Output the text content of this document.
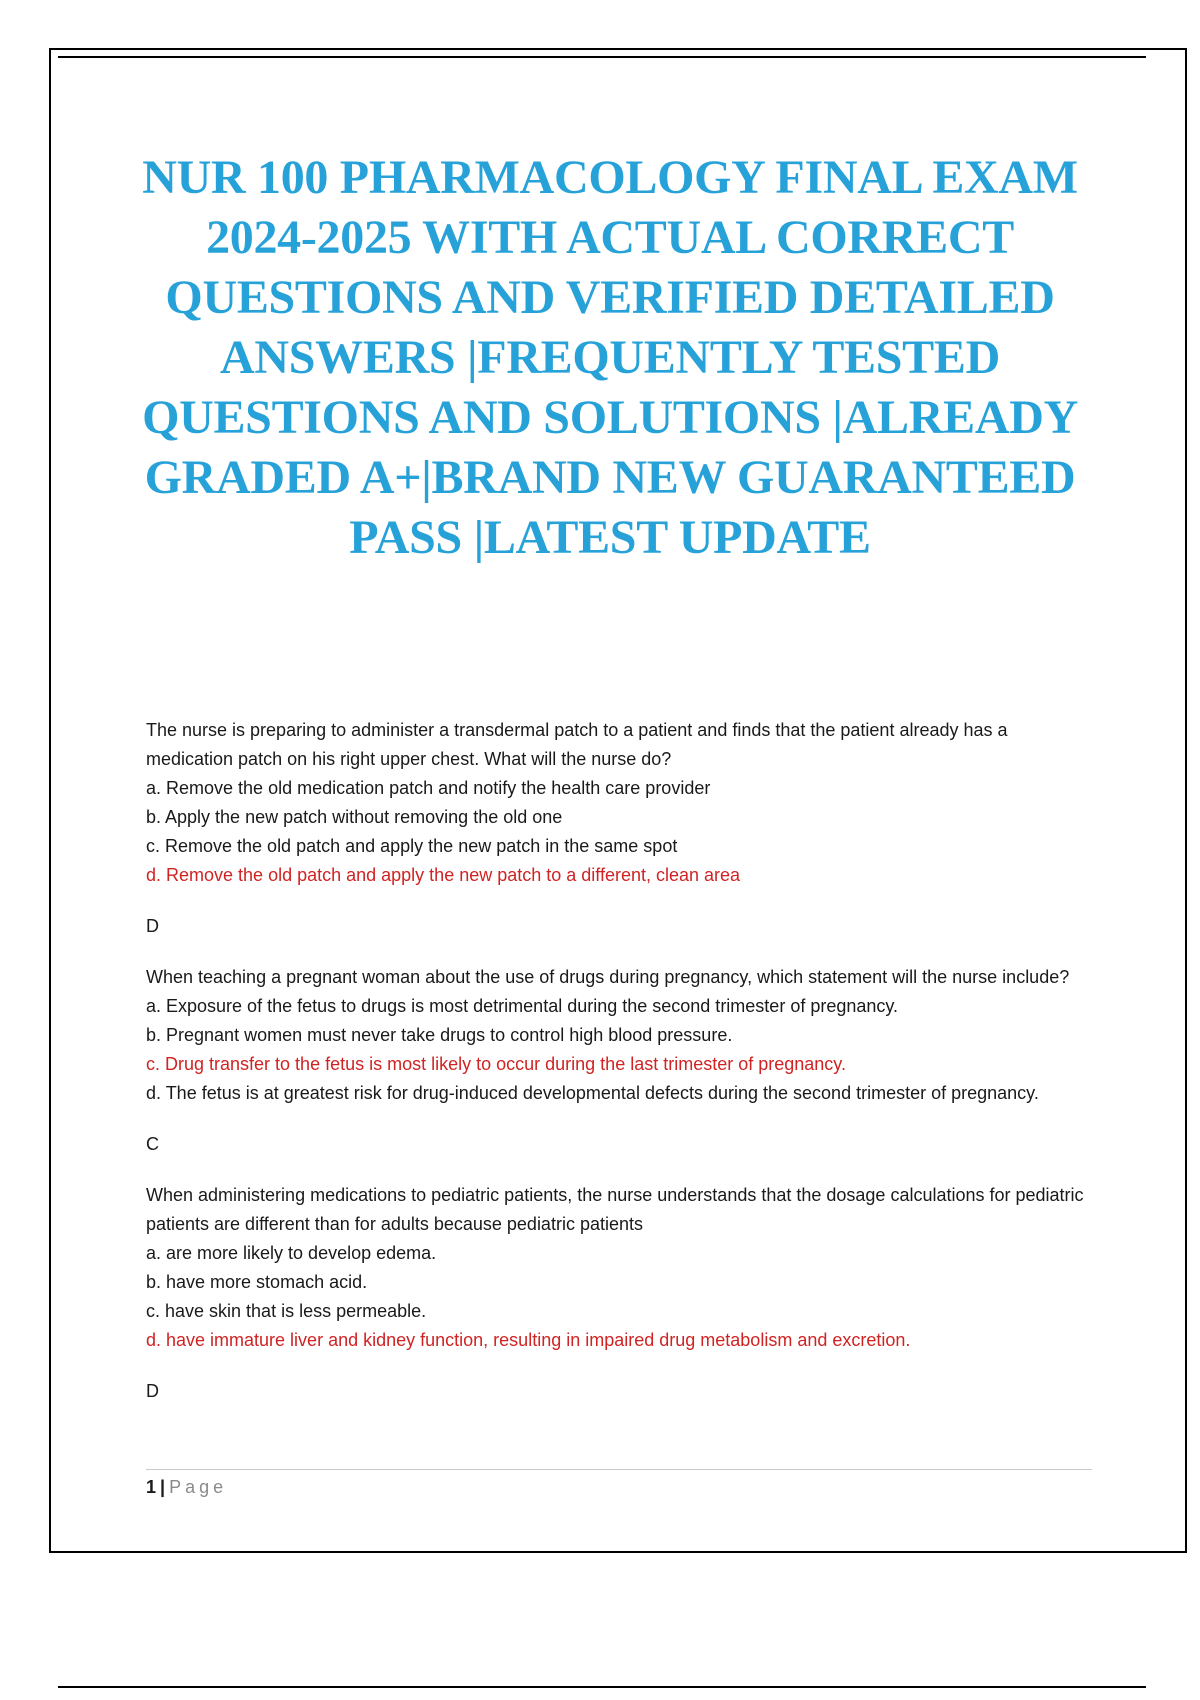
NUR 100 PHARMACOLOGY FINAL EXAM 2024-2025 WITH ACTUAL CORRECT QUESTIONS AND VERIFIED DETAILED ANSWERS |FREQUENTLY TESTED QUESTIONS AND SOLUTIONS |ALREADY GRADED A+|BRAND NEW GUARANTEED PASS |LATEST UPDATE

The nurse is preparing to administer a transdermal patch to a patient and finds that the patient already has a medication patch on his right upper chest. What will the nurse do?

a. Remove the old medication patch and notify the health care provider

b. Apply the new patch without removing the old one

c. Remove the old patch and apply the new patch in the same spot

d. Remove the old patch and apply the new patch to a different, clean area

D

When teaching a pregnant woman about the use of drugs during pregnancy, which statement will the nurse include?

a. Exposure of the fetus to drugs is most detrimental during the second trimester of pregnancy.

b. Pregnant women must never take drugs to control high blood pressure.

c. Drug transfer to the fetus is most likely to occur during the last trimester of pregnancy.

d. The fetus is at greatest risk for drug-induced developmental defects during the second trimester of pregnancy.

C

When administering medications to pediatric patients, the nurse understands that the dosage calculations for pediatric patients are different than for adults because pediatric patients

a. are more likely to develop edema.

b. have more stomach acid.

c. have skin that is less permeable.

d. have immature liver and kidney function, resulting in impaired drug metabolism and excretion.

D

1 | Page
